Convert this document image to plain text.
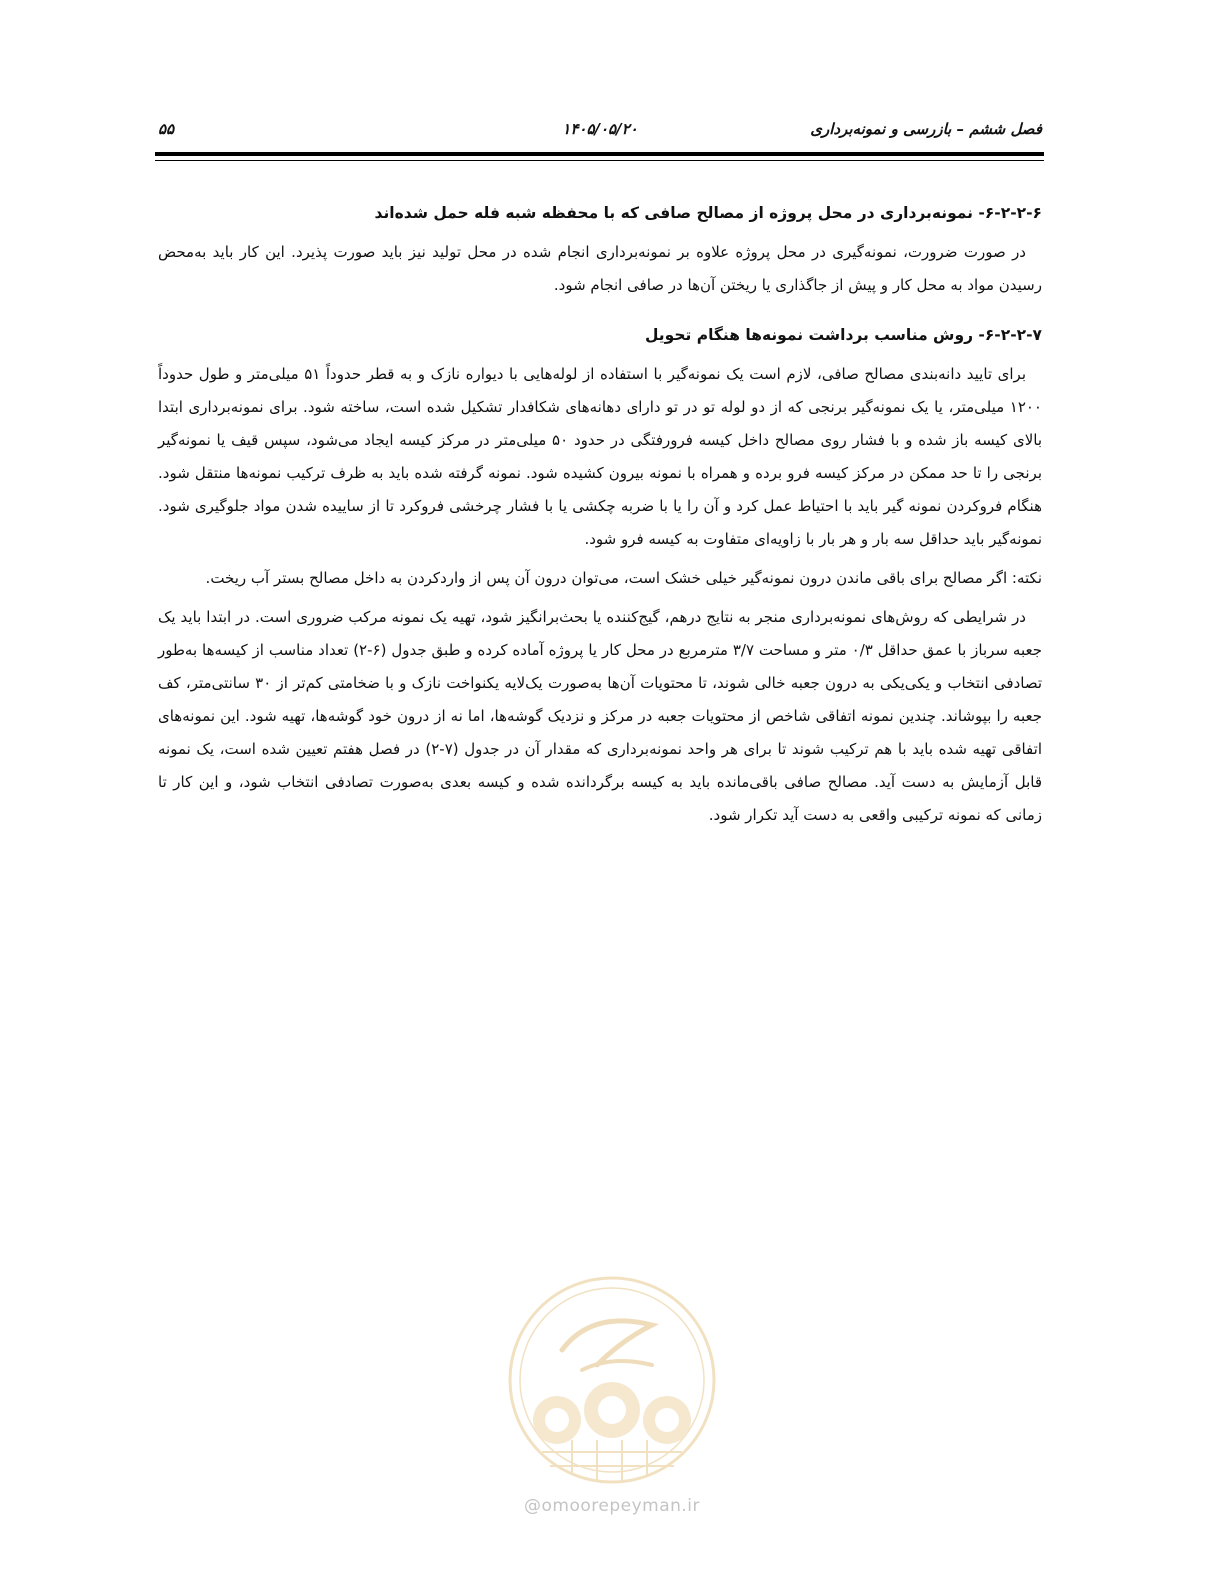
فصل ششم – بازرسی و نمونه‌برداری
۱۴۰۵/۰۵/۲۰
۵۵
۶-۲-۲-۶- نمونه‌برداری در محل پروژه از مصالح صافی که با محفظه شبه فله حمل شده‌اند

در صورت ضرورت، نمونه‌گیری در محل پروژه علاوه بر نمونه‌برداری انجام شده در محل تولید نیز باید صورت پذیرد. این کار باید به‌محض رسیدن مواد به محل کار و پیش از جاگذاری یا ریختن آن‌ها در صافی انجام شود.

۶-۲-۲-۷- روش مناسب برداشت نمونه‌ها هنگام تحویل

برای تایید دانه‌بندی مصالح صافی، لازم است یک نمونه‌گیر با استفاده از لوله‌هایی با دیواره نازک و به قطر حدوداً ۵۱ میلی‌متر و طول حدوداً ۱۲۰۰ میلی‌متر، یا یک نمونه‌گیر برنجی که از دو لوله تو در تو دارای دهانه‌های شکافدار تشکیل شده است، ساخته شود. برای نمونه‌برداری ابتدا بالای کیسه باز شده و با فشار روی مصالح داخل کیسه فرورفتگی در حدود ۵۰ میلی‌متر در مرکز کیسه ایجاد می‌شود، سپس قیف یا نمونه‌گیر برنجی را تا حد ممکن در مرکز کیسه فرو برده و همراه با نمونه بیرون کشیده شود. نمونه گرفته شده باید به ظرف ترکیب نمونه‌ها منتقل شود. هنگام فروکردن نمونه گیر باید با احتیاط عمل کرد و آن را یا با ضربه چکشی یا با فشار چرخشی فروکرد تا از ساییده شدن مواد جلوگیری شود. نمونه‌گیر باید حداقل سه بار و هر بار با زاویه‌ای متفاوت به کیسه فرو شود.

نکته: اگر مصالح برای باقی ماندن درون نمونه‌گیر خیلی خشک است، می‌توان درون آن پس از واردکردن به داخل مصالح بستر آب ریخت.

در شرایطی که روش‌های نمونه‌برداری منجر به نتایج درهم، گیج‌کننده یا بحث‌برانگیز شود، تهیه یک نمونه مرکب ضروری است. در ابتدا باید یک جعبه سرباز با عمق حداقل ۰/۳ متر و مساحت ۳/۷ مترمربع در محل کار یا پروژه آماده کرده و طبق جدول (۶-۲) تعداد مناسب از کیسه‌ها به‌طور تصادفی انتخاب و یکی‌یکی به درون جعبه خالی شوند، تا محتویات آن‌ها به‌صورت یک‌لایه یکنواخت نازک و با ضخامتی کم‌تر از ۳۰ سانتی‌متر، کف جعبه را بپوشاند. چندین نمونه اتفاقی شاخص از محتویات جعبه در مرکز و نزدیک گوشه‌ها، اما نه از درون خود گوشه‌ها، تهیه شود. این نمونه‌های اتفاقی تهیه شده باید با هم ترکیب شوند تا برای هر واحد نمونه‌برداری که مقدار آن در جدول (۷-۲) در فصل هفتم تعیین شده است، یک نمونه قابل آزمایش به دست آید. مصالح صافی باقی‌مانده باید به کیسه برگردانده شده و کیسه بعدی به‌صورت تصادفی انتخاب شود، و این کار تا زمانی که نمونه ترکیبی واقعی به دست آید تکرار شود.

@omoorepeyman.ir
